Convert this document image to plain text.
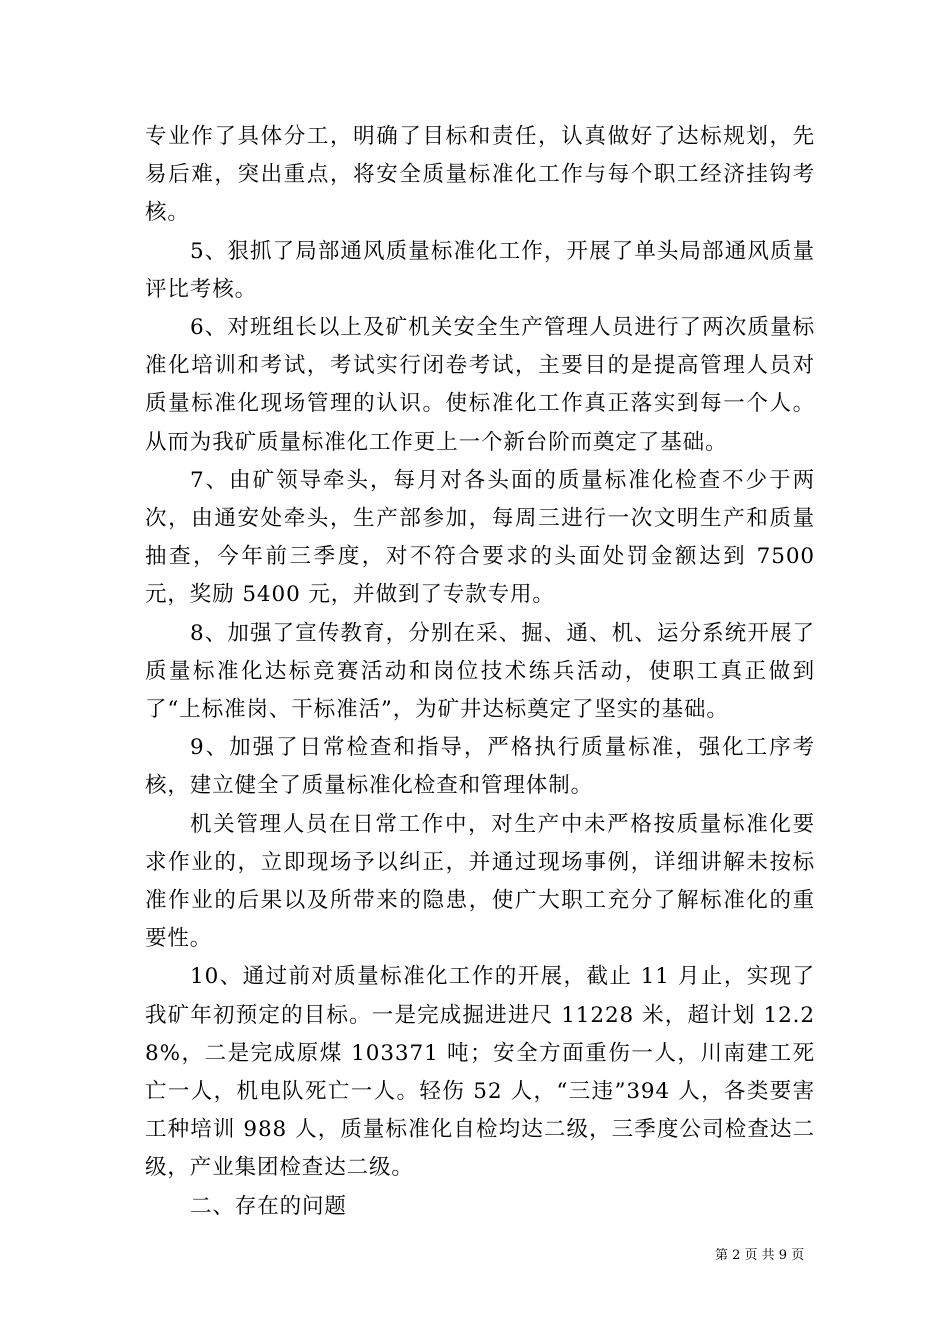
专业作了具体分工，明确了目标和责任，认真做好了达标规划，先易后难，突出重点，将安全质量标准化工作与每个职工经济挂钩考核。

5、狠抓了局部通风质量标准化工作，开展了单头局部通风质量评比考核。

6、对班组长以上及矿机关安全生产管理人员进行了两次质量标准化培训和考试，考试实行闭卷考试，主要目的是提高管理人员对质量标准化现场管理的认识。使标准化工作真正落实到每一个人。从而为我矿质量标准化工作更上一个新台阶而奠定了基础。

7、由矿领导牵头，每月对各头面的质量标准化检查不少于两次，由通安处牵头，生产部参加，每周三进行一次文明生产和质量抽查，今年前三季度，对不符合要求的头面处罚金额达到 7500 元，奖励 5400 元，并做到了专款专用。

8、加强了宣传教育，分别在采、掘、通、机、运分系统开展了质量标准化达标竞赛活动和岗位技术练兵活动，使职工真正做到了“上标准岗、干标准活”，为矿井达标奠定了坚实的基础。

9、加强了日常检查和指导，严格执行质量标准，强化工序考核，建立健全了质量标准化检查和管理体制。

机关管理人员在日常工作中，对生产中未严格按质量标准化要求作业的，立即现场予以纠正，并通过现场事例，详细讲解未按标准作业的后果以及所带来的隐患，使广大职工充分了解标准化的重要性。

10、通过前对质量标准化工作的开展，截止 11 月止，实现了我矿年初预定的目标。一是完成掘进进尺 11228 米，超计划 12.28%，二是完成原煤 103371 吨；安全方面重伤一人，川南建工死亡一人，机电队死亡一人。轻伤 52 人，“三违”394 人，各类要害工种培训 988 人，质量标准化自检均达二级，三季度公司检查达二级，产业集团检查达二级。

二、存在的问题

第 2 页 共 9 页
